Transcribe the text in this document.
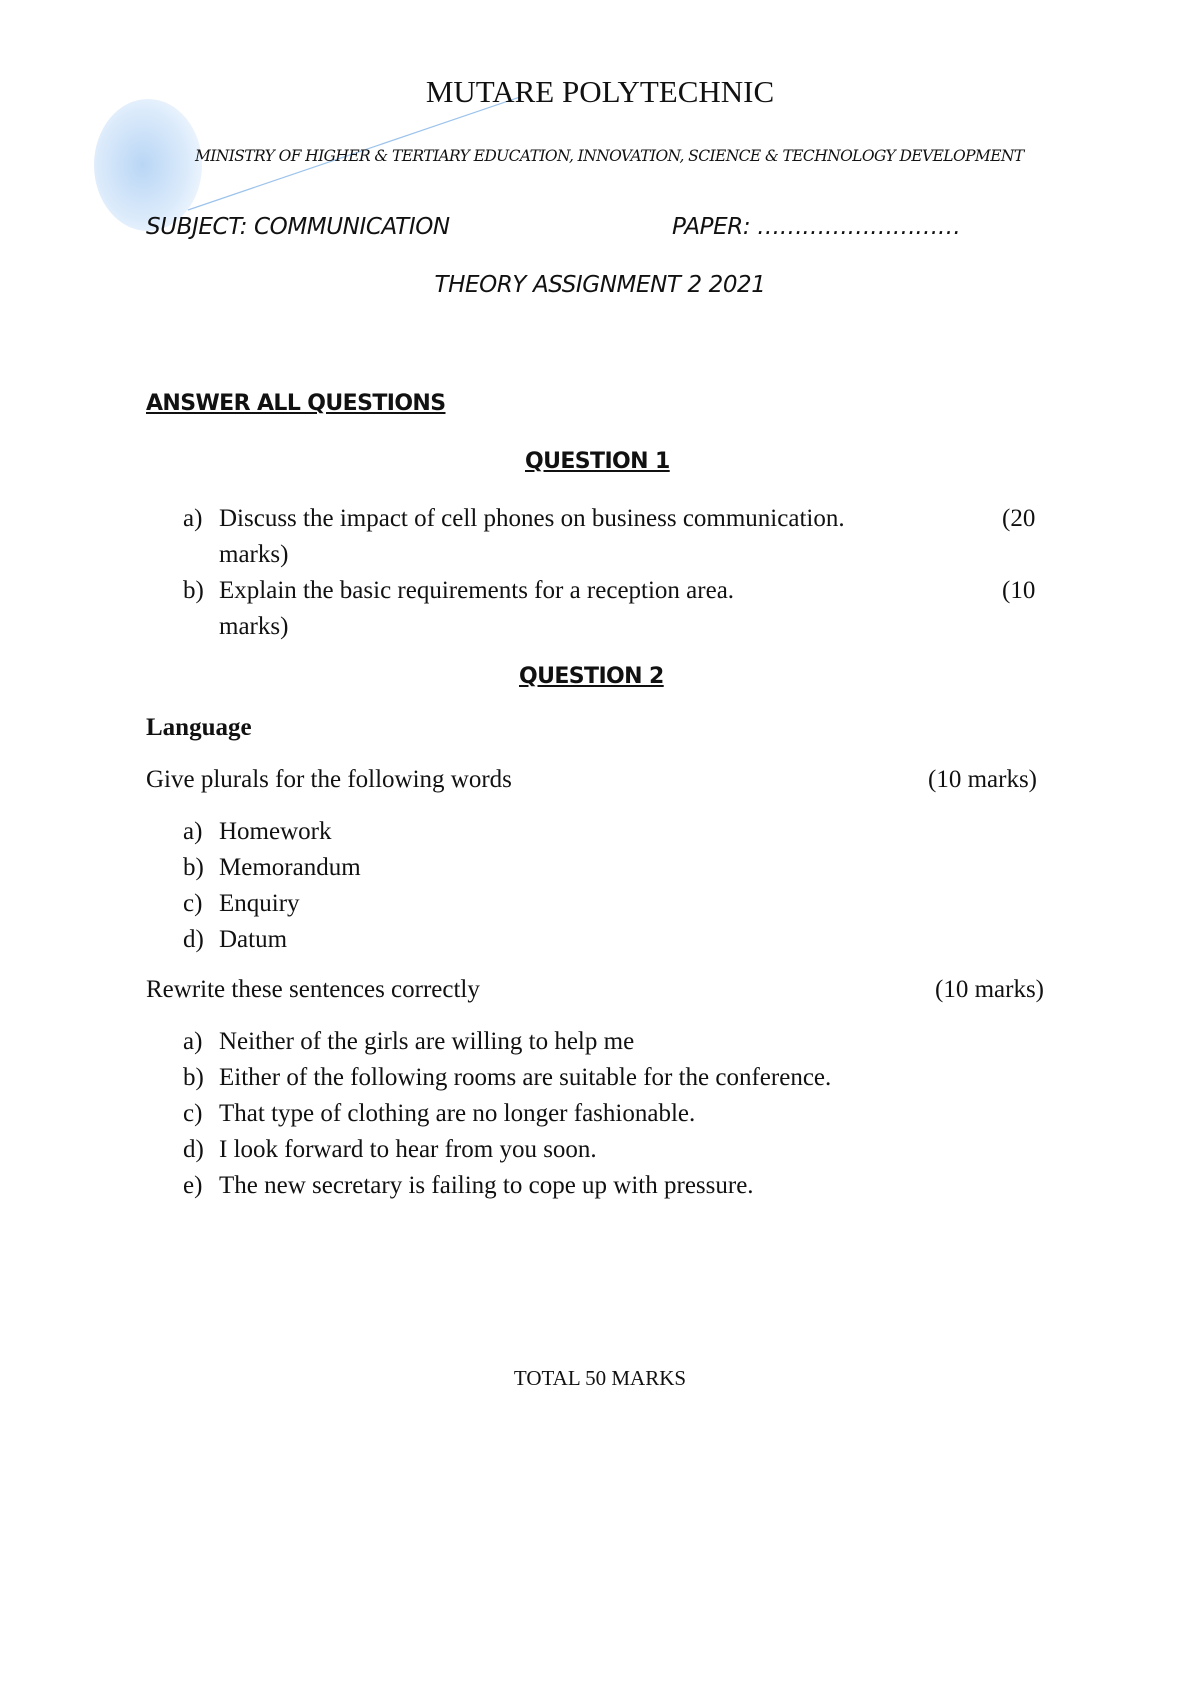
MUTARE POLYTECHNIC
MINISTRY OF HIGHER & TERTIARY EDUCATION, INNOVATION, SCIENCE & TECHNOLOGY DEVELOPMENT
SUBJECT: COMMUNICATION	PAPER: ………………………
THEORY ASSIGNMENT 2 2021
ANSWER ALL QUESTIONS
QUESTION 1
a) Discuss the impact of cell phones on business communication.	(20
marks)
b) Explain the basic requirements for a reception area.	(10
marks)
QUESTION 2
Language
Give plurals for the following words	(10 marks)
a) Homework
b) Memorandum
c) Enquiry
d) Datum
Rewrite these sentences correctly	(10 marks)
a) Neither of the girls are willing to help me
b) Either of the following rooms are suitable for the conference.
c) That type of clothing are no longer fashionable.
d) I look forward to hear from you soon.
e) The new secretary is failing to cope up with pressure.
TOTAL 50 MARKS
